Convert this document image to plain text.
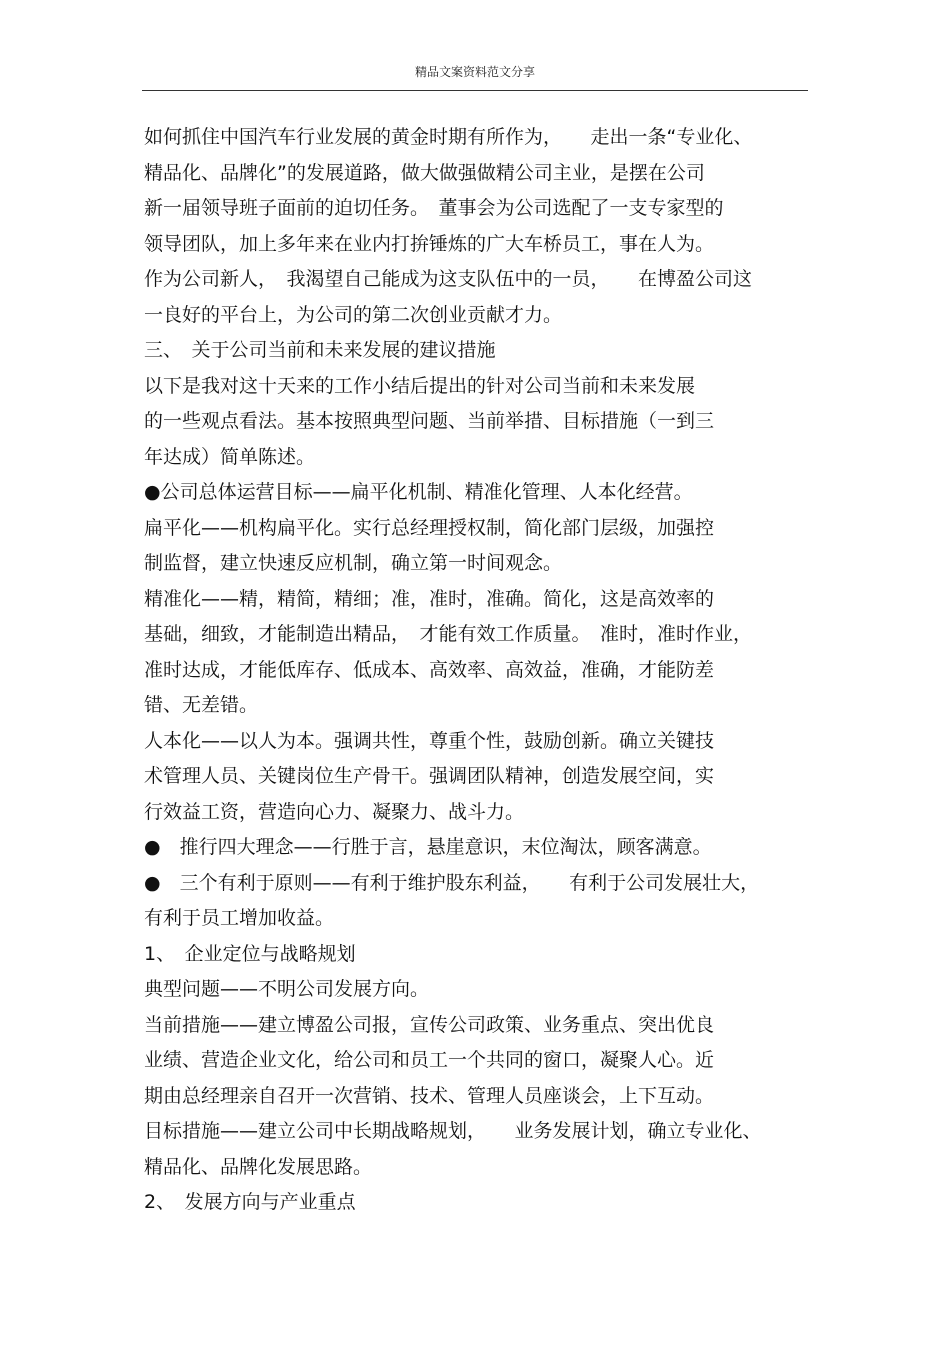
精品文案资料范文分享
如何抓住中国汽车行业发展的黄金时期有所作为，　　走出一条“专业化、
精品化、品牌化”的发展道路，做大做强做精公司主业，是摆在公司
新一届领导班子面前的迫切任务。　董事会为公司选配了一支专家型的
领导团队，加上多年来在业内打拚锤炼的广大车桥员工，事在人为。
作为公司新人，　我渴望自己能成为这支队伍中的一员，　　在博盈公司这
一良好的平台上，为公司的第二次创业贡献才力。
三、　关于公司当前和未来发展的建议措施
以下是我对这十天来的工作小结后提出的针对公司当前和未来发展
的一些观点看法。基本按照典型问题、当前举措、目标措施（一到三
年达成）简单陈述。
●公司总体运营目标——扁平化机制、精准化管理、人本化经营。
扁平化——机构扁平化。实行总经理授权制，简化部门层级，加强控
制监督，建立快速反应机制，确立第一时间观念。
精准化——精，精简，精细；准，准时，准确。简化，这是高效率的
基础，细致，才能制造出精品，　才能有效工作质量。　准时，准时作业，
准时达成，才能低库存、低成本、高效率、高效益，准确，才能防差
错、无差错。
人本化——以人为本。强调共性，尊重个性，鼓励创新。确立关键技
术管理人员、关键岗位生产骨干。强调团队精神，创造发展空间，实
行效益工资，营造向心力、凝聚力、战斗力。
●　推行四大理念——行胜于言，悬崖意识，末位淘汰，顾客满意。
●　三个有利于原则——有利于维护股东利益，　　有利于公司发展壮大，
有利于员工增加收益。
1、　企业定位与战略规划
典型问题——不明公司发展方向。
当前措施——建立博盈公司报，宣传公司政策、业务重点、突出优良
业绩、营造企业文化，给公司和员工一个共同的窗口，凝聚人心。近
期由总经理亲自召开一次营销、技术、管理人员座谈会，上下互动。
目标措施——建立公司中长期战略规划，　　业务发展计划，确立专业化、
精品化、品牌化发展思路。
2、　发展方向与产业重点
